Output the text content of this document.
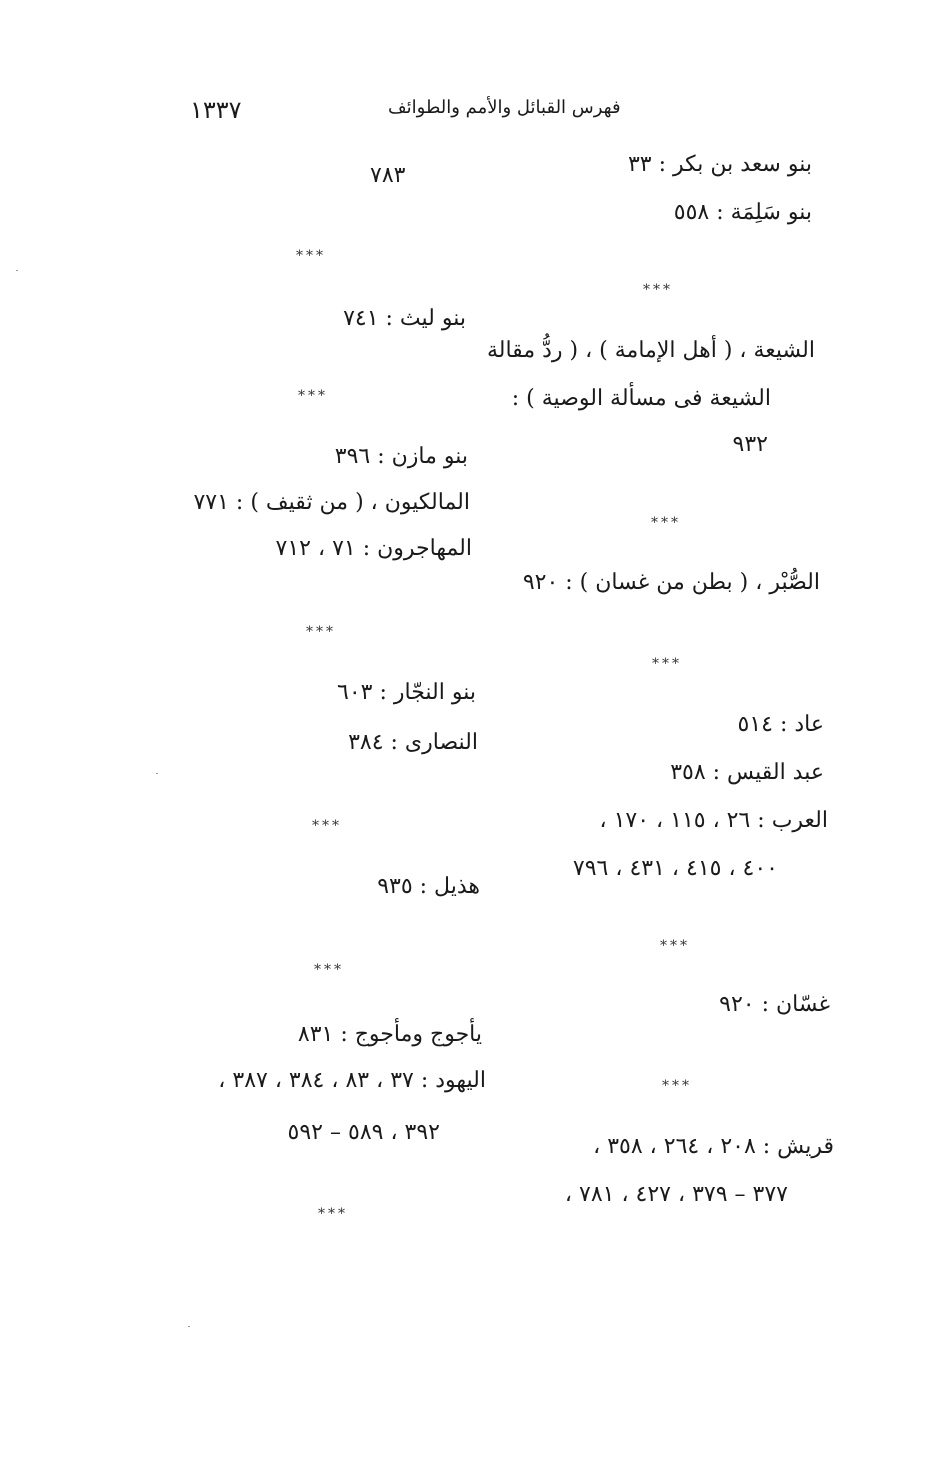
١٣٣٧	فهرس القبائل والأمم والطوائف
بنو سعد بن بكر : ٣٣
بنو سَلِمَة : ٥٥٨
***
الشيعة ، ( أهل الإمامة ) ، ( ردُّ مقالة
الشيعة فى مسألة الوصية ) :
٩٣٢
***
الصُّبْر ، ( بطن من غسان ) : ٩٢٠
***
عاد : ٥١٤
عبد القيس : ٣٥٨
العرب : ٢٦ ، ١١٥ ، ١٧٠ ،
٤٠٠ ، ٤١٥ ، ٤٣١ ، ٧٩٦
***
غسّان : ٩٢٠
***
قريش : ٢٠٨ ، ٢٦٤ ، ٣٥٨ ،
٣٧٧ – ٣٧٩ ، ٤٢٧ ، ٧٨١ ،
٧٨٣
***
بنو ليث : ٧٤١
***
بنو مازن : ٣٩٦
المالكيون ، ( من ثقيف ) : ٧٧١
المهاجرون : ٧١ ، ٧١٢
***
بنو النجّار : ٦٠٣
النصارى : ٣٨٤
***
هذيل : ٩٣٥
***
يأجوج ومأجوج : ٨٣١
اليهود : ٣٧ ، ٨٣ ، ٣٨٤ ، ٣٨٧ ،
٣٩٢ ، ٥٨٩ – ٥٩٢
***
